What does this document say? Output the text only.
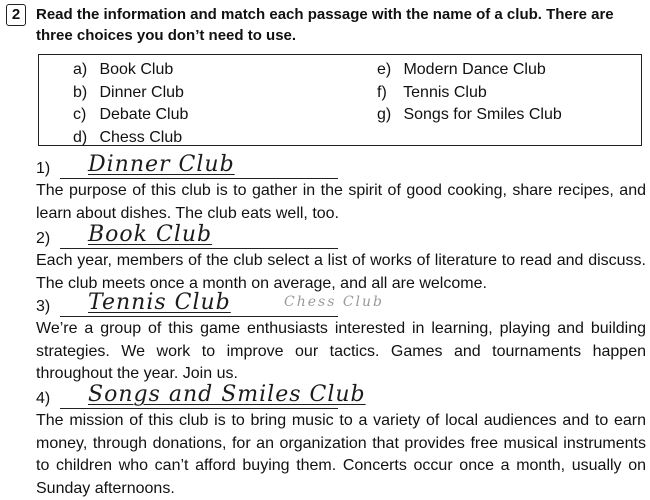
2	Read the information and match each passage with the name of a club. There are three choices you don’t need to use.
a) Book Club
b) Dinner Club
c) Debate Club
d) Chess Club
e) Modern Dance Club
f) Tennis Club
g) Songs for Smiles Club
1) Dinner Club

The purpose of this club is to gather in the spirit of good cooking, share recipes, and learn about dishes. The club eats well, too.

2) Book Club

Each year, members of the club select a list of works of literature to read and discuss. The club meets once a month on average, and all are welcome.

3) Tennis Club	Chess Club

We’re a group of this game enthusiasts interested in learning, playing and building strategies. We work to improve our tactics. Games and tournaments happen throughout the year. Join us.

4) Songs and Smiles Club

The mission of this club is to bring music to a variety of local audiences and to earn money, through donations, for an organization that provides free musical instruments to children who can’t afford buying them. Concerts occur once a month, usually on Sunday afternoons.
